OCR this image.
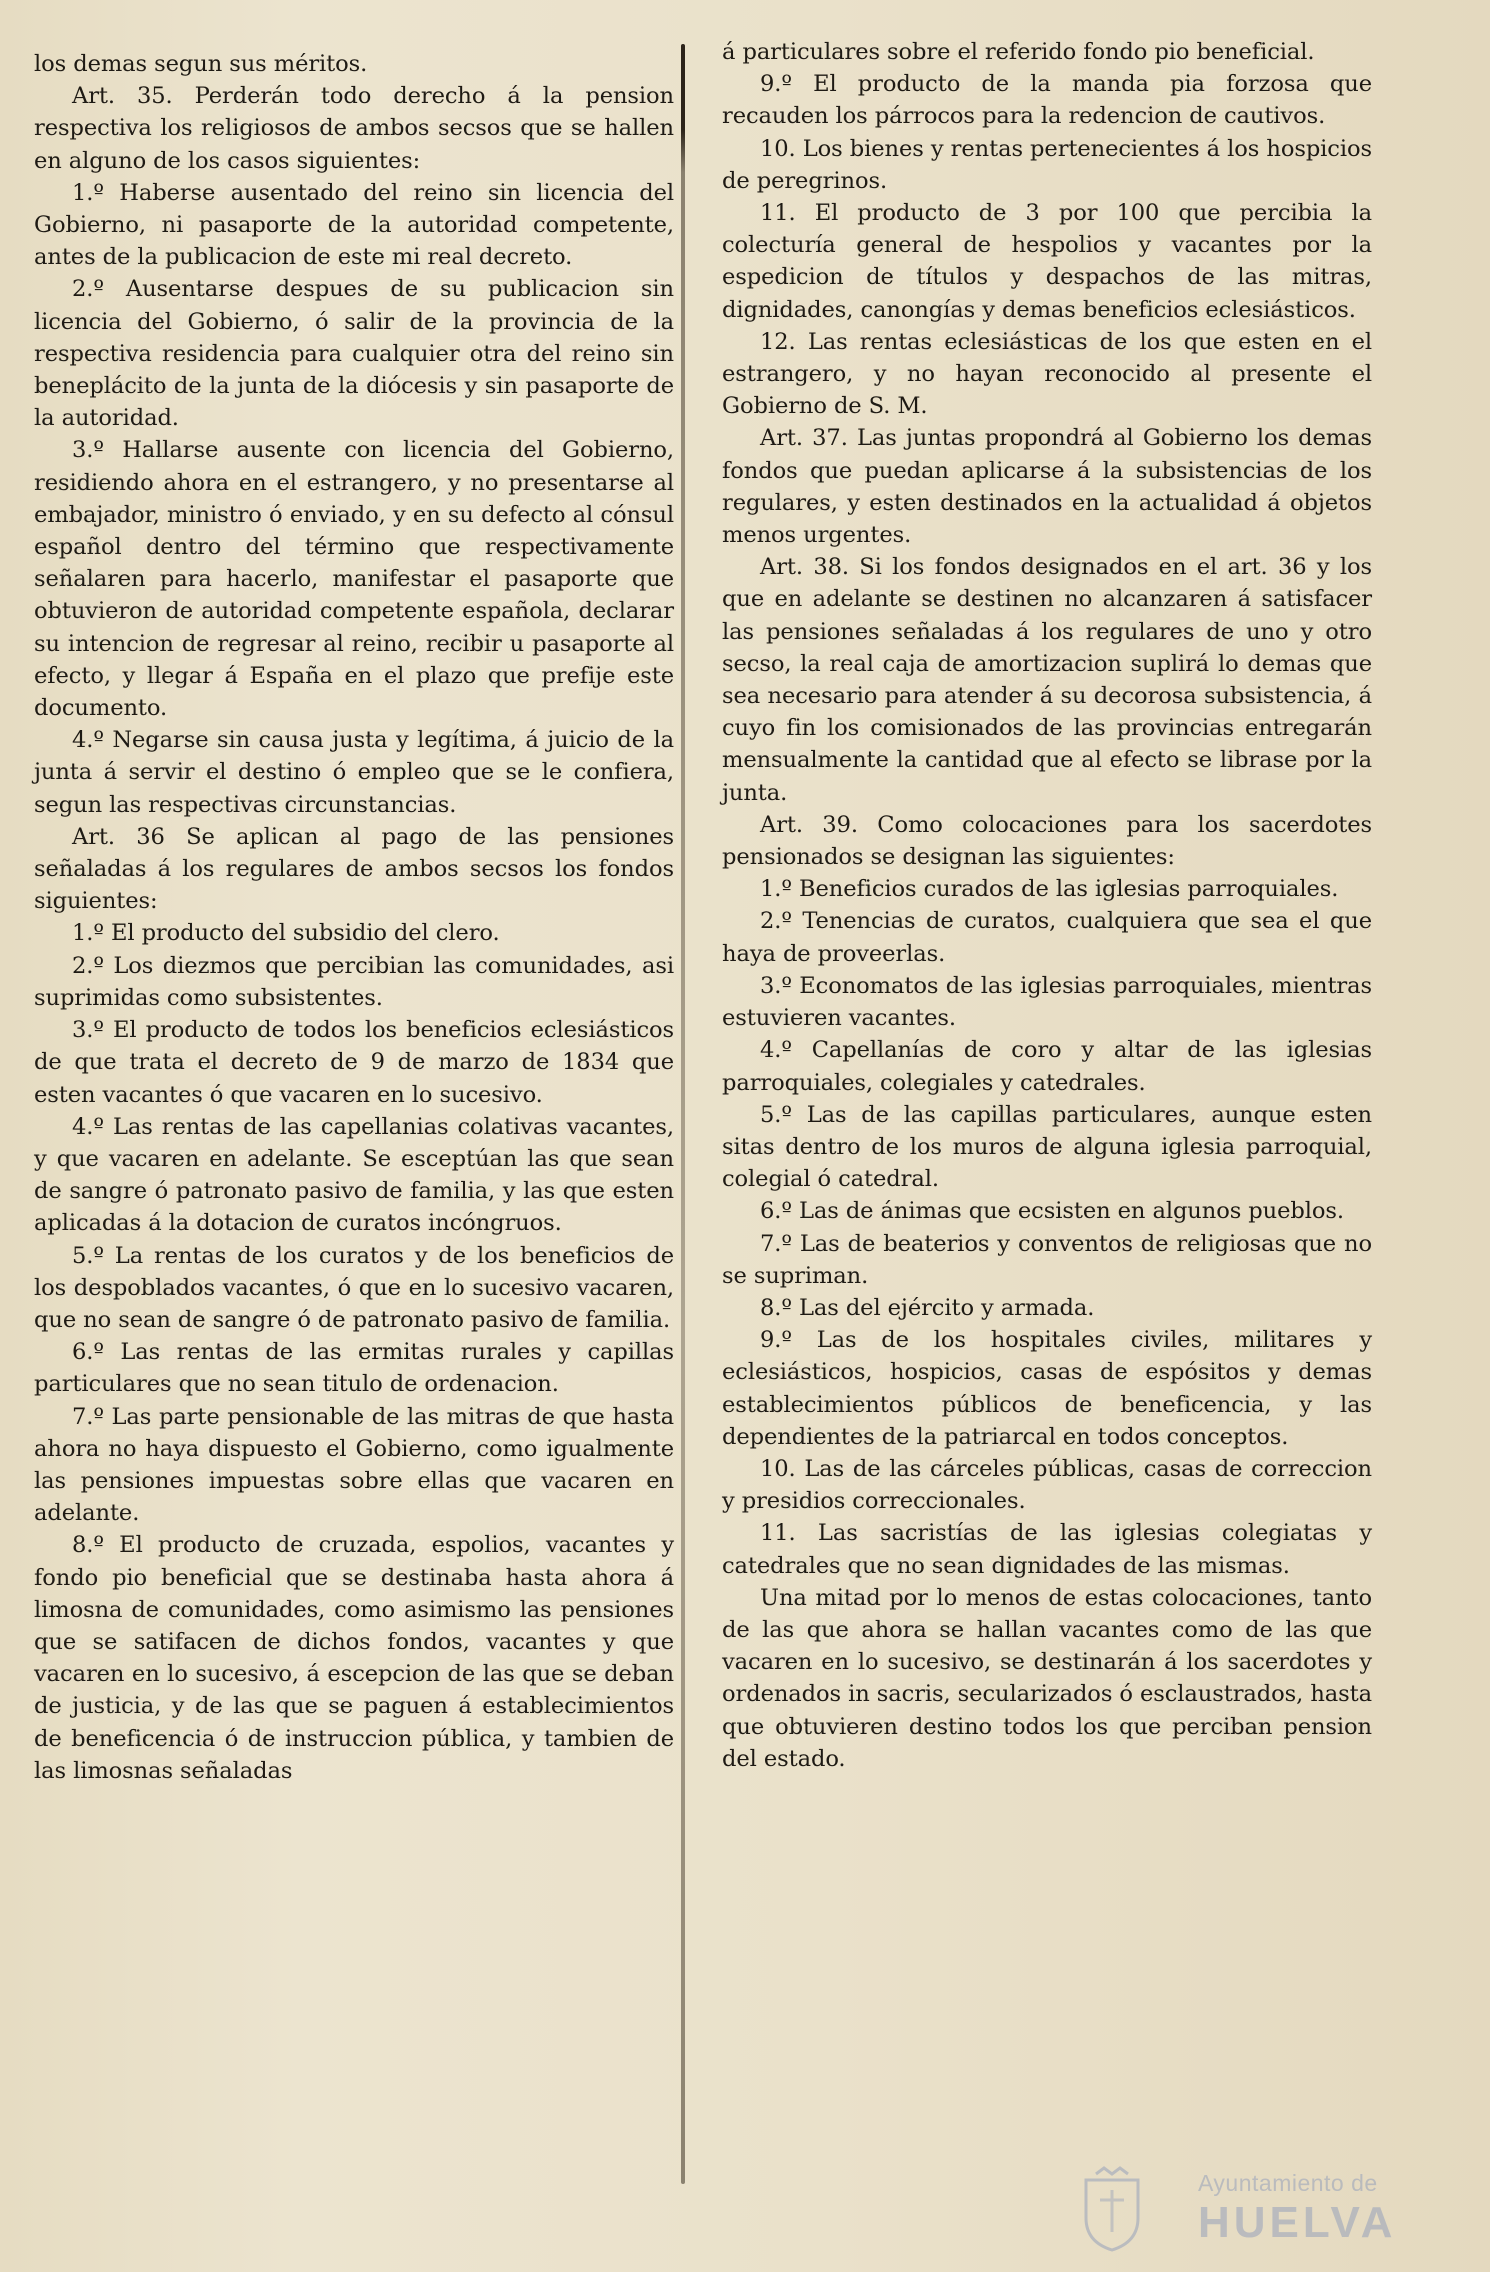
los demas segun sus méritos.

Art. 35. Perderán todo derecho á la pension respectiva los religiosos de ambos secsos que se hallen en alguno de los casos siguientes:

1.º Haberse ausentado del reino sin licencia del Gobierno, ni pasaporte de la autoridad competente, antes de la publicacion de este mi real decreto.

2.º Ausentarse despues de su publicacion sin licencia del Gobierno, ó salir de la provincia de la respectiva residencia para cualquier otra del reino sin beneplácito de la junta de la diócesis y sin pasaporte de la autoridad.

3.º Hallarse ausente con licencia del Gobierno, residiendo ahora en el estrangero, y no presentarse al embajador, ministro ó enviado, y en su defecto al cónsul español dentro del término que respectivamente señalaren para hacerlo, manifestar el pasaporte que obtuvieron de autoridad competente española, declarar su intencion de regresar al reino, recibir u pasaporte al efecto, y llegar á España en el plazo que prefije este documento.

4.º Negarse sin causa justa y legítima, á juicio de la junta á servir el destino ó empleo que se le confiera, segun las respectivas circunstancias.

Art. 36 Se aplican al pago de las pensiones señaladas á los regulares de ambos secsos los fondos siguientes:

1.º El producto del subsidio del clero.

2.º Los diezmos que percibian las comunidades, asi suprimidas como subsistentes.

3.º El producto de todos los beneficios eclesiásticos de que trata el decreto de 9 de marzo de 1834 que esten vacantes ó que vacaren en lo sucesivo.

4.º Las rentas de las capellanias colativas vacantes, y que vacaren en adelante. Se esceptúan las que sean de sangre ó patronato pasivo de familia, y las que esten aplicadas á la dotacion de curatos incóngruos.

5.º La rentas de los curatos y de los beneficios de los despoblados vacantes, ó que en lo sucesivo vacaren, que no sean de sangre ó de patronato pasivo de familia.

6.º Las rentas de las ermitas rurales y capillas particulares que no sean titulo de ordenacion.

7.º Las parte pensionable de las mitras de que hasta ahora no haya dispuesto el Gobierno, como igualmente las pensiones impuestas sobre ellas que vacaren en adelante.

8.º El producto de cruzada, espolios, vacantes y fondo pio beneficial que se destinaba hasta ahora á limosna de comunidades, como asimismo las pensiones que se satifacen de dichos fondos, vacantes y que vacaren en lo sucesivo, á escepcion de las que se deban de justicia, y de las que se paguen á establecimientos de beneficencia ó de instruccion pública, y tambien de las limosnas señaladas

á particulares sobre el referido fondo pio beneficial.

9.º El producto de la manda pia forzosa que recauden los párrocos para la redencion de cautivos.

10. Los bienes y rentas pertenecientes á los hospicios de peregrinos.

11. El producto de 3 por 100 que percibia la colecturía general de hespolios y vacantes por la espedicion de títulos y despachos de las mitras, dignidades, canongías y demas beneficios eclesiásticos.

12. Las rentas eclesiásticas de los que esten en el estrangero, y no hayan reconocido al presente el Gobierno de S. M.

Art. 37. Las juntas propondrá al Gobierno los demas fondos que puedan aplicarse á la subsistencias de los regulares, y esten destinados en la actualidad á objetos menos urgentes.

Art. 38. Si los fondos designados en el art. 36 y los que en adelante se destinen no alcanzaren á satisfacer las pensiones señaladas á los regulares de uno y otro secso, la real caja de amortizacion suplirá lo demas que sea necesario para atender á su decorosa subsistencia, á cuyo fin los comisionados de las provincias entregarán mensualmente la cantidad que al efecto se librase por la junta.

Art. 39. Como colocaciones para los sacerdotes pensionados se designan las siguientes:

1.º Beneficios curados de las iglesias parroquiales.

2.º Tenencias de curatos, cualquiera que sea el que haya de proveerlas.

3.º Economatos de las iglesias parroquiales, mientras estuvieren vacantes.

4.º Capellanías de coro y altar de las iglesias parroquiales, colegiales y catedrales.

5.º Las de las capillas particulares, aunque esten sitas dentro de los muros de alguna iglesia parroquial, colegial ó catedral.

6.º Las de ánimas que ecsisten en algunos pueblos.

7.º Las de beaterios y conventos de religiosas que no se supriman.

8.º Las del ejército y armada.

9.º Las de los hospitales civiles, militares y eclesiásticos, hospicios, casas de espósitos y demas establecimientos públicos de beneficencia, y las dependientes de la patriarcal en todos conceptos.

10. Las de las cárceles públicas, casas de correccion y presidios correccionales.

11. Las sacristías de las iglesias colegiatas y catedrales que no sean dignidades de las mismas.

Una mitad por lo menos de estas colocaciones, tanto de las que ahora se hallan vacantes como de las que vacaren en lo sucesivo, se destinarán á los sacerdotes y ordenados in sacris, secularizados ó esclaustrados, hasta que obtuvieren destino todos los que perciban pension del estado.

Ayuntamiento de
HUELVA
